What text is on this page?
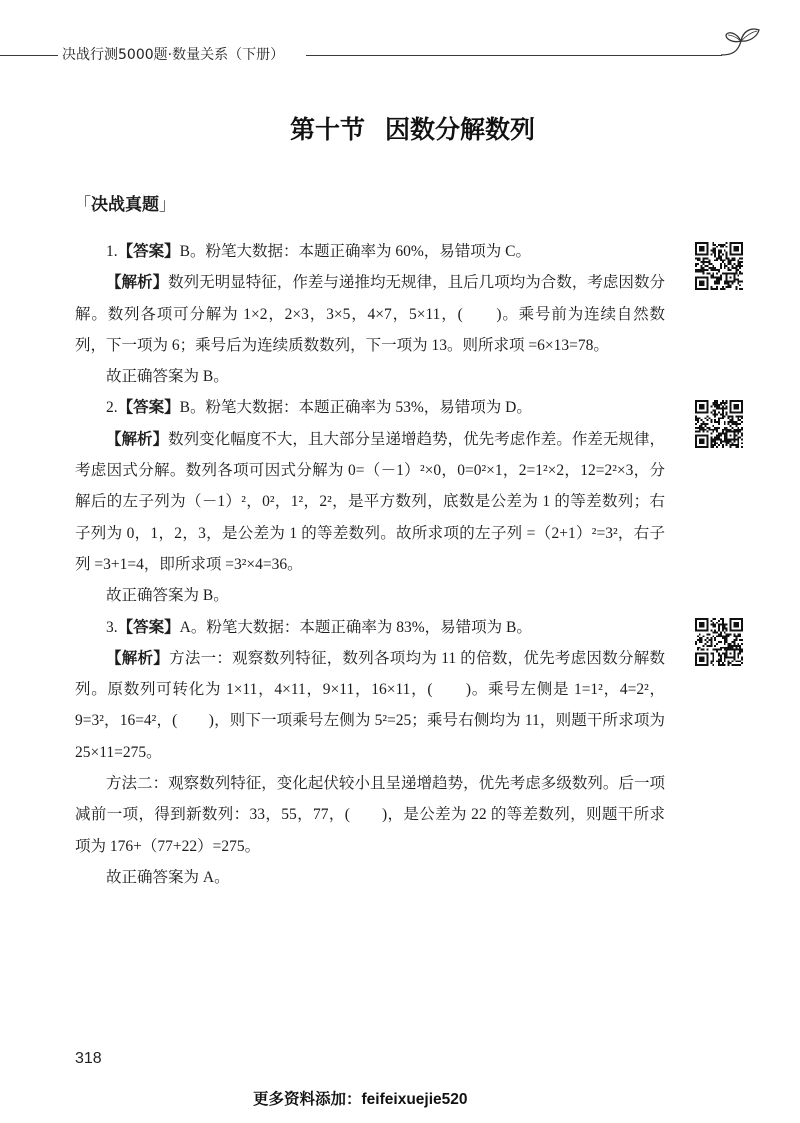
决战行测5000题·数量关系（下册）
第十节 因数分解数列
「决战真题」

1.【答案】B。粉笔大数据：本题正确率为 60%，易错项为 C。

【解析】数列无明显特征，作差与递推均无规律，且后几项均为合数，考虑因数分解。数列各项可分解为 1×2，2×3，3×5，4×7，5×11，(　　)。乘号前为连续自然数列，下一项为 6；乘号后为连续质数数列，下一项为 13。则所求项 =6×13=78。

故正确答案为 B。

2.【答案】B。粉笔大数据：本题正确率为 53%，易错项为 D。

【解析】数列变化幅度不大，且大部分呈递增趋势，优先考虑作差。作差无规律，考虑因式分解。数列各项可因式分解为 0=（－1）²×0，0=0²×1，2=1²×2，12=2²×3，分解后的左子列为（－1）²，0²，1²，2²，是平方数列，底数是公差为 1 的等差数列；右子列为 0，1，2，3，是公差为 1 的等差数列。故所求项的左子列 =（2+1）²=3²，右子列 =3+1=4，即所求项 =3²×4=36。

故正确答案为 B。

3.【答案】A。粉笔大数据：本题正确率为 83%，易错项为 B。

【解析】方法一：观察数列特征，数列各项均为 11 的倍数，优先考虑因数分解数列。原数列可转化为 1×11，4×11，9×11，16×11，(　　)。乘号左侧是 1=1²，4=2²，9=3²，16=4²，(　　)，则下一项乘号左侧为 5²=25；乘号右侧均为 11，则题干所求项为 25×11=275。

方法二：观察数列特征，变化起伏较小且呈递增趋势，优先考虑多级数列。后一项减前一项，得到新数列：33，55，77，(　　)，是公差为 22 的等差数列，则题干所求项为 176+（77+22）=275。

故正确答案为 A。

318
更多资料添加：feifeixuejie520
